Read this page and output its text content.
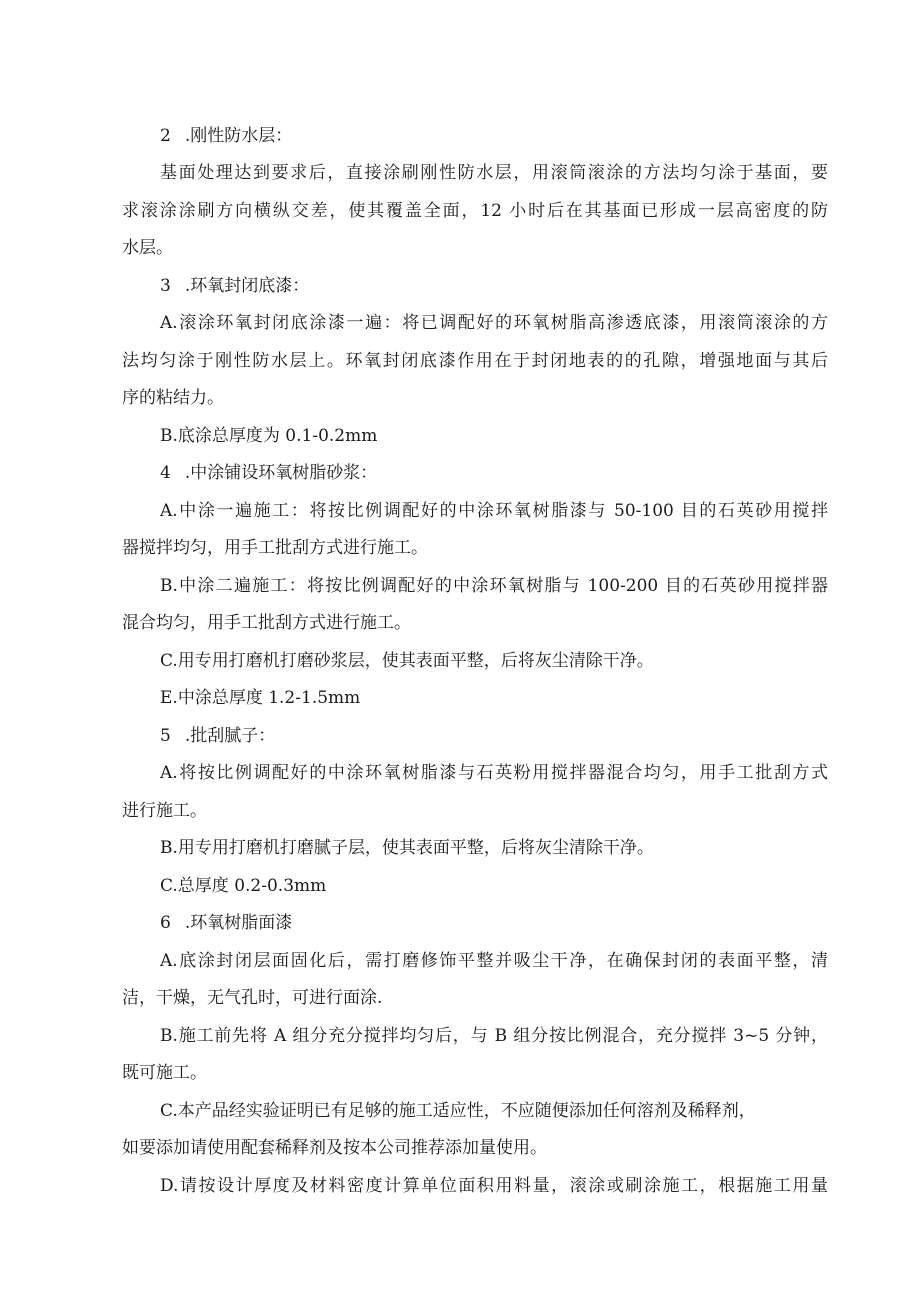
2 .刚性防水层：
基面处理达到要求后，直接涂刷刚性防水层，用滚筒滚涂的方法均匀涂于基面，要
求滚涂涂刷方向横纵交差，使其覆盖全面，12 小时后在其基面已形成一层高密度的防
水层。
3 .环氧封闭底漆：
A.滚涂环氧封闭底涂漆一遍：将已调配好的环氧树脂高渗透底漆，用滚筒滚涂的方
法均匀涂于刚性防水层上。环氧封闭底漆作用在于封闭地表的的孔隙，增强地面与其后
序的粘结力。
B.底涂总厚度为 0.1-0.2mm
4 .中涂铺设环氧树脂砂浆：
A.中涂一遍施工：将按比例调配好的中涂环氧树脂漆与 50-100 目的石英砂用搅拌
器搅拌均匀，用手工批刮方式进行施工。
B.中涂二遍施工：将按比例调配好的中涂环氧树脂与 100-200 目的石英砂用搅拌器
混合均匀，用手工批刮方式进行施工。
C.用专用打磨机打磨砂浆层，使其表面平整，后将灰尘清除干净。
E.中涂总厚度 1.2-1.5mm
5 .批刮腻子：
A.将按比例调配好的中涂环氧树脂漆与石英粉用搅拌器混合均匀，用手工批刮方式
进行施工。
B.用专用打磨机打磨腻子层，使其表面平整，后将灰尘清除干净。
C.总厚度 0.2-0.3mm
6 .环氧树脂面漆
A.底涂封闭层面固化后，需打磨修饰平整并吸尘干净，在确保封闭的表面平整，清
洁，干燥，无气孔时，可进行面涂.
B.施工前先将 A 组分充分搅拌均匀后，与 B 组分按比例混合，充分搅拌 3~5 分钟，
既可施工。
C.本产品经实验证明已有足够的施工适应性，不应随便添加任何溶剂及稀释剂，
如要添加请使用配套稀释剂及按本公司推荐添加量使用。
D.请按设计厚度及材料密度计算单位面积用料量，滚涂或刷涂施工，根据施工用量
